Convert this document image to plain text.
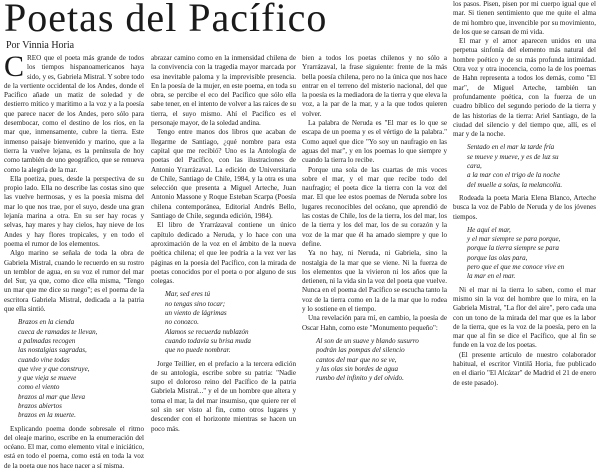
Poetas del Pacífico
Por Vinnia Horia

CREO que el poeta más grande de todos los tiempos hispanoamericanos haya sido, y es, Gabriela Mistral. Y sobre todo de la vertiente occidental de los Andes, donde el Pacífico añade un matiz de soledad y de destierro mítico y marítimo a la voz y a la poesía que parece nacer de los Andes, pero sólo para desembocar, como el destino de los ríos, en la mar que, inmensamente, cubre la tierra. Este inmenso paisaje bienvenido y marino, que a la tierra la vuelve lejana, es la península de hoy como también de uno geográfico, que se renueva como la alegría de la mar.

Ella poetiza, pues, desde la perspectiva de su propio lado. Ella no describe las costas sino que las vuelve hermosas, y es la poesía misma del mar lo que nos trae, por el suyo, desde una gran lejanía marina a otra. En su ser hay rocas y selvas, hay mares y hay cielos, hay nieve de los Andes y hay flores tropicales, y en todo el poema el rumor de los elementos.

Algo marino se señala de toda la obra de Gabriela Mistral, cuando le recuerdo en su rostro un temblor de agua, en su voz el rumor del mar del Sur, ya que, como dice ella misma, "Tengo un mar que me dice su ruego"; es el poema de la escritora Gabriela Mistral, dedicada a la patria que ella sintió.

Brazos en la cienda

cueca de ramadas te llevan,

a palmadas recogen

las nostalgias sagradas,

cuando vine todas

que vive y que construye,

y que vieja se mueve

como el viento

brazos al mar que lleva

brazos abiertos

brazos en la muerte.

Explicando poema donde sobresale el ritmo del oleaje marino, escribe en la enumeración del océano. El mar, como elemento vital e iniciático, está en todo el poema, como está en toda la voz de la poeta que nos hace nacer a sí misma.

abrazar camino como en la inmensidad chilena de la convivencia con la tragedia mayor marcada por esa inevitable paloma y la imprevisible presencia. En la poesía de la mujer, en este poema, en toda su obra, se percibe el eco del Pacífico que sólo ella sabe tener, en el intento de volver a las raíces de su tierra, el suyo mismo. Ahí el Pacífico es el personaje mayor, de la soledad andina.

Tengo entre manos dos libros que acaban de llegarme de Santiago, ¿qué nombre para esta capital que me recibió? Uno es la Antología de poetas del Pacífico, con las ilustraciones de Antonio Yrarrázaval. La edición de Universitaria de Chile, Santiago de Chile, 1984, y la otra es una selección que presenta a Miguel Arteche, Juan Antonio Massone y Roque Esteban Scarpa (Poesía chilena contemporánea, Editorial Andrés Bello, Santiago de Chile, segunda edición, 1984).

El libro de Yrarrázaval contiene un único capítulo dedicado a Neruda, y lo hace con una aproximación de la voz en el ámbito de la nueva poética chilena; el que lee podría a la vez ver las páginas en la poesía del Pacífico, con la mirada de poetas conocidos por el poeta o por alguno de sus colegas.

Mar, sed eres tú

no tengas sino tocar;

un viento de lágrimas

no conozco.

Alamos se recuerda nublazón

cuando todavía su brisa muda

que no puede nombrar.

Jorge Teillier, en el prefacio a la tercera edición de su antología, escribe sobre su patria: "Nadie supo el doloroso reino del Pacífico de la patria Gabriela Mistral..." y el de un hombre que altera y toma el mar, la del mar insumiso, que quiere rer el sol sin ser visto al fin, como otros lugares y descender con el horizonte mientras se hacen un poco más.

bien a todos los poetas chilenos y no sólo a Yrarrázaval, la frase siguiente: frente de la más bella poesía chilena, pero no la única que nos hace entrar en el terreno del misterio nacional, del que la poesía es la mediadora de la tierra y que eleva la voz, a la par de la mar, y a la que todos quieren volver.

La palabra de Neruda es "El mar es lo que se escapa de un poema y es el vértigo de la palabra." Como aquel que dice "Yo soy un naufragio en las aguas del mar", y en los poemas lo que siempre y cuando la tierra lo recibe.

Porque una sola de las cuartas de mis voces sobre el mar, y el mar que recibe todo del naufragio; el poeta dice la tierra con la voz del mar. El que lee estos poemas de Neruda sobre los lugares reconocibles del océano, que aprendió de las costas de Chile, los de la tierra, los del mar, los de la tierra y los del mar, los de su corazón y la voz de la mar que él ha amado siempre y que lo define.

Ya no hay, ni Neruda, ni Gabriela, sino la nostalgia de la mar que se viene. Ni la fuerza de los elementos que la vivieron ni los años que la detienen, ni la vida sin la voz del poeta que vuelve. Nunca en el poema del Pacífico se escucha tanto la voz de la tierra como en la de la mar que lo rodea y lo sostiene en el tiempo.

Una revelación para mí, en cambio, la poesía de Oscar Hahn, como este "Monumento pequeño":

Al son de un suave y blando susurro

podrán las pompas del silencio

cantos del mar que no se ve,

y las olas sin bordes de agua

rumbo del infinito y del olvido.

los pasos. Pisen, pisen por mi cuerpo igual que el mar. Si tienen sentimiento que me quite el alma de mi hombro que, invencible por su movimiento, de los que se cansan de mi vida.

El mar y el amor aparecen unidos en una perpetua sinfonía del elemento más natural del hombre poético y de su más profunda intimidad. Otra voz y otra inocencia, como la de los poemas de Hahn representa a todos los demás, como "El mar", de Miguel Arteche, también tan profundamente poética, con la fuerza de un cuadro bíblico del segundo periodo de la tierra y de las historias de la tierra: Ariel Santiago, de la ciudad del silencio y del tiempo que, allí, es el mar y de la noche.

Sentado en el mar la tarde fría

se mueve y mueve, y es de luz su

cara,

a la mar con el trigo de la noche

del muelle a solas, la melancolía.

Rodeada la poeta Maria Elena Blanco, Arteche busca la voz de Pablo de Neruda y de los jóvenes tiempos.

He aquí el mar,

y el mar siempre se para porque,

porque la tierra siempre se para

porque las olas para,

pero que el que me conoce vive en

la mar en el mar.

Ni el mar ni la tierra lo saben, como el mar mismo sin la voz del hombre que lo mira, en la Gabriela Mistral, "La flor del aire", pero cada una con un tono de la mirada del mar que es la labor de la tierra, que es la voz de la poesía, pero en la mar que al fin se dice el Pacífico, que al fin se funde en la voz de los poetas.

(El presente artículo de nuestro colaborador habitual, el escritor Vintilă Horia, fue publicado en el diario "El Alcázar" de Madrid el 21 de enero de este pasado).
